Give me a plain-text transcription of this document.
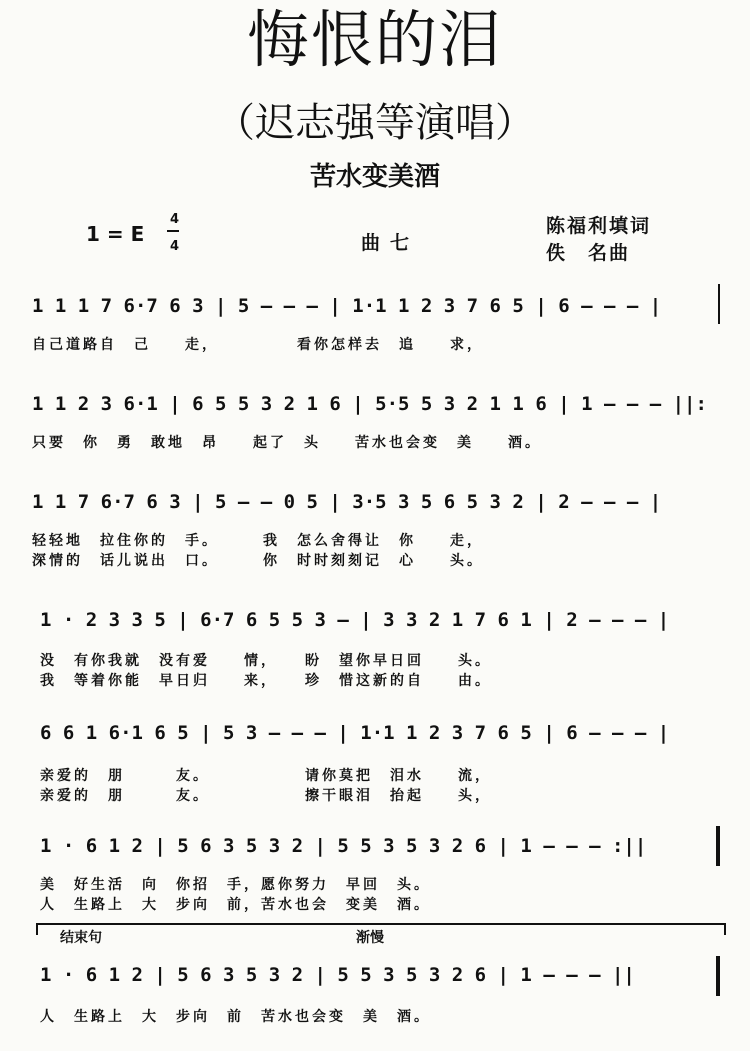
悔恨的泪
（迟志强等演唱）
苦水变美酒
1 = E
4
4	曲七
陈福利填词
佚　名曲
1 1 1 7 6·7 6 3 | 5 — — — | 1·1 1 2 3 7 6 5 | 6 — — — |
自己道路自　己　　走，　　　　　看你怎样去　追　　求，
1 1 2 3 6·1 | 6 5 5 3 2 1 6 | 5·5 5 3 2 1 1 6 | 1 — — — ||:
只要　你　勇　敢地　昂　　起了　头　　苦水也会变　美　　酒。
1 1 7 6·7 6 3 | 5 — — 0 5 | 3·5 3 5 6 5 3 2 | 2 — — — |
轻轻地　拉住你的　手。　　　我　怎么舍得让　你　　走，
深情的　话儿说出　口。　　　你　时时刻刻记　心　　头。
1 · 2 3 3 5 | 6·7 6 5 5 3 — | 3 3 2 1 7 6 1 | 2 — — — |
没　有你我就　没有爱　　情，　　盼　望你早日回　　头。
我　等着你能　早日归　　来，　　珍　惜这新的自　　由。
6 6 1 6·1 6 5 | 5 3 — — — | 1·1 1 2 3 7 6 5 | 6 — — — |
亲爱的　朋　　　友。　　　　　　请你莫把　泪水　　流，
亲爱的　朋　　　友。　　　　　　擦干眼泪　抬起　　头，
1 · 6 1 2 | 5 6 3 5 3 2 | 5 5 3 5 3 2 6 | 1 — — — :||
美　好生活　向　你招　手，愿你努力　早回　头。
人　生路上　大　步向　前，苦水也会　变美　酒。
结束句	渐慢
1 · 6 1 2 | 5 6 3 5 3 2 | 5 5 3 5 3 2 6 | 1 — — — ||
人　生路上　大　步向　前　苦水也会变　美　酒。
